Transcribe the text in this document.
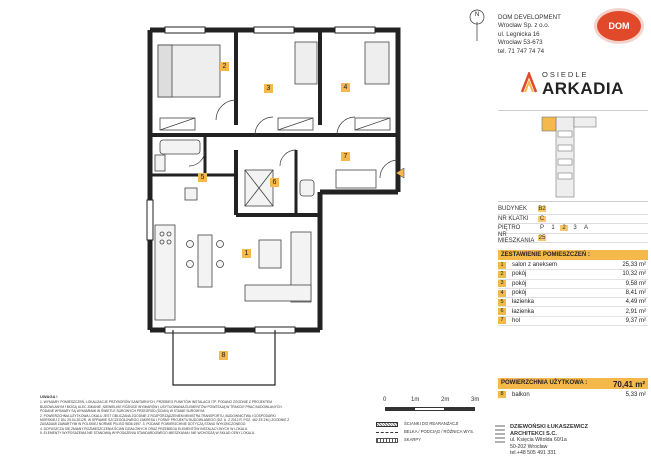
2
3	4
1
5
6
7
8
N
UWAGA !
1. WYMIARY POMIESZCZEŃ, LOKALIZACJE PRZYBORÓW SANITARNYCH, PRZEBIEG PUNKTÓW INSTALACJI ITP. PODANO ZGODNIE Z PROJEKTEM
BUDOWLANYM I MOGĄ ULEC ZMIANIE. NIEWIELKIE RÓŻNICE WYMIARÓW I USYTUOWANIA ELEMENTÓW POWSTAJĄ W TRAKCIE PRAC BUDOWLANYCH.
PODANE WYMIARY SĄ WYMIARAMI W ŚWIETLE SUROWYCH PRZEGRÓD (ŚCIAN) W STANIE SUROWYM.
2. POWIERZCHNIA UŻYTKOWA LOKALU JEST OBLICZANA ZGODNIE Z ROZPORZĄDZENIEM MINISTRA TRANSPORTU, BUDOWNICTWA I GOSPODARKI
MORSKIEJ Z DN. 25.04.2012R. W SPRAWIE SZCZEGÓŁOWEGO ZAKRESU I FORMY PROJEKTU BUDOWLANEGO (DZ. U. Z 2012 R. POZ. 462 ZE ZM.) ZGODNIE Z
ZASADAMI ZAWARTYMI W POLSKIEJ NORMIE PN-ISO 9836:1997. 3. PODANE POWIERZCHNIE DOTYCZĄ STANU WYKOŃCZONEGO.
4. DOPUSZCZA SIĘ ZMIANY ROZMIESZCZENIA ŚCIAN DZIAŁOWYCH ORAZ PRZEBIEGU ELEMENTÓW INSTALACYJNYCH W LOKALU.
5. ELEMENTY WYPOSAŻENIA NIE STANOWIĄ WYPOSAŻENIA STANDARDOWEGO MIESZKANIA I NIE WCHODZĄ W SKŁAD CENY LOKALU.
0	1m	2m	3m
ŚCIANKI DO REARANŻACJI
BELKA / PODCIĄG / RÓŻNICA WYS.
SKARPY
DOM DEVELOPMENT
Wrocław Sp. z o.o.
ul. Legnicka 16
Wrocław 53-673
tel. 71 747 74 74
DOM
OSIEDLE
ARKADIA
BUDYNEK	B2
NR KLATKI	C
PIĘTRO	P	1	2	3	A
NR MIESZKANIA 25
ZESTAWIENIE POMIESZCZEŃ :
1	salon z aneksem	25,33 m²
2	pokój	10,32 m²
3	pokój	9,58 m²
4	pokój	8,41 m²
5	łazienka	4,49 m²
6	łazienka	2,91 m²
7	hol	9,37 m²
POWIERZCHNIA UŻYTKOWA :	70,41 m²
8	balkon	5,33 m²
DZIEWOŃSKI ŁUKASZEWICZ
ARCHITEKCI S.C.
ul. Księcia Witolda 60/1a
50-202 Wrocław
tel.+48 505 491 331
